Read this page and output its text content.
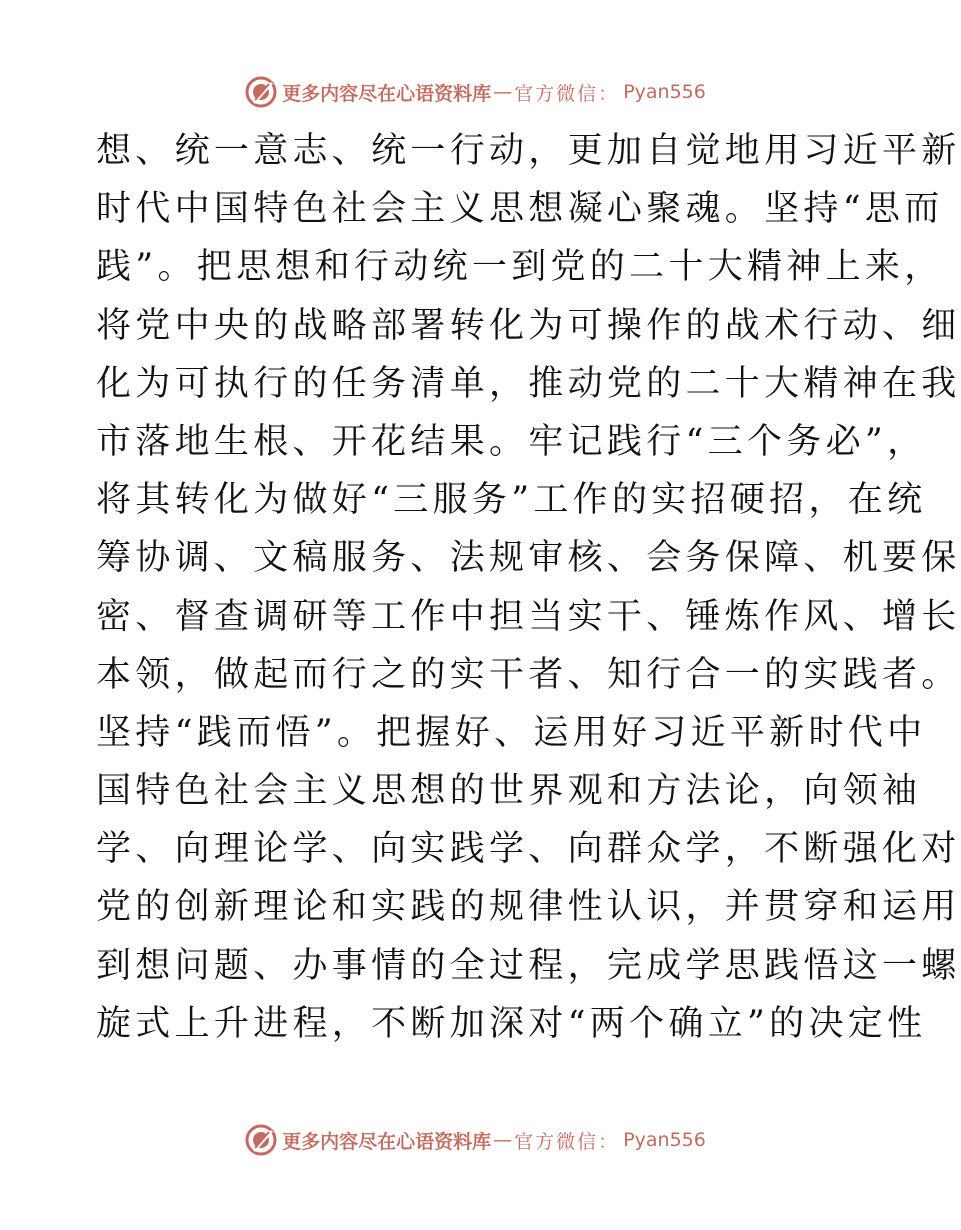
更多内容尽在心语资料库 — 官方微信： Pyan556
想、统一意志、统一行动，更加自觉地用习近平新
时代中国特色社会主义思想凝心聚魂。坚持“思而
践”。把思想和行动统一到党的二十大精神上来，
将党中央的战略部署转化为可操作的战术行动、细
化为可执行的任务清单，推动党的二十大精神在我
市落地生根、开花结果。牢记践行“三个务必”，
将其转化为做好“三服务”工作的实招硬招，在统
筹协调、文稿服务、法规审核、会务保障、机要保
密、督查调研等工作中担当实干、锤炼作风、增长
本领，做起而行之的实干者、知行合一的实践者。
坚持“践而悟”。把握好、运用好习近平新时代中
国特色社会主义思想的世界观和方法论，向领袖
学、向理论学、向实践学、向群众学，不断强化对
党的创新理论和实践的规律性认识，并贯穿和运用
到想问题、办事情的全过程，完成学思践悟这一螺
旋式上升进程，不断加深对“两个确立”的决定性
更多内容尽在心语资料库 — 官方微信： Pyan556
